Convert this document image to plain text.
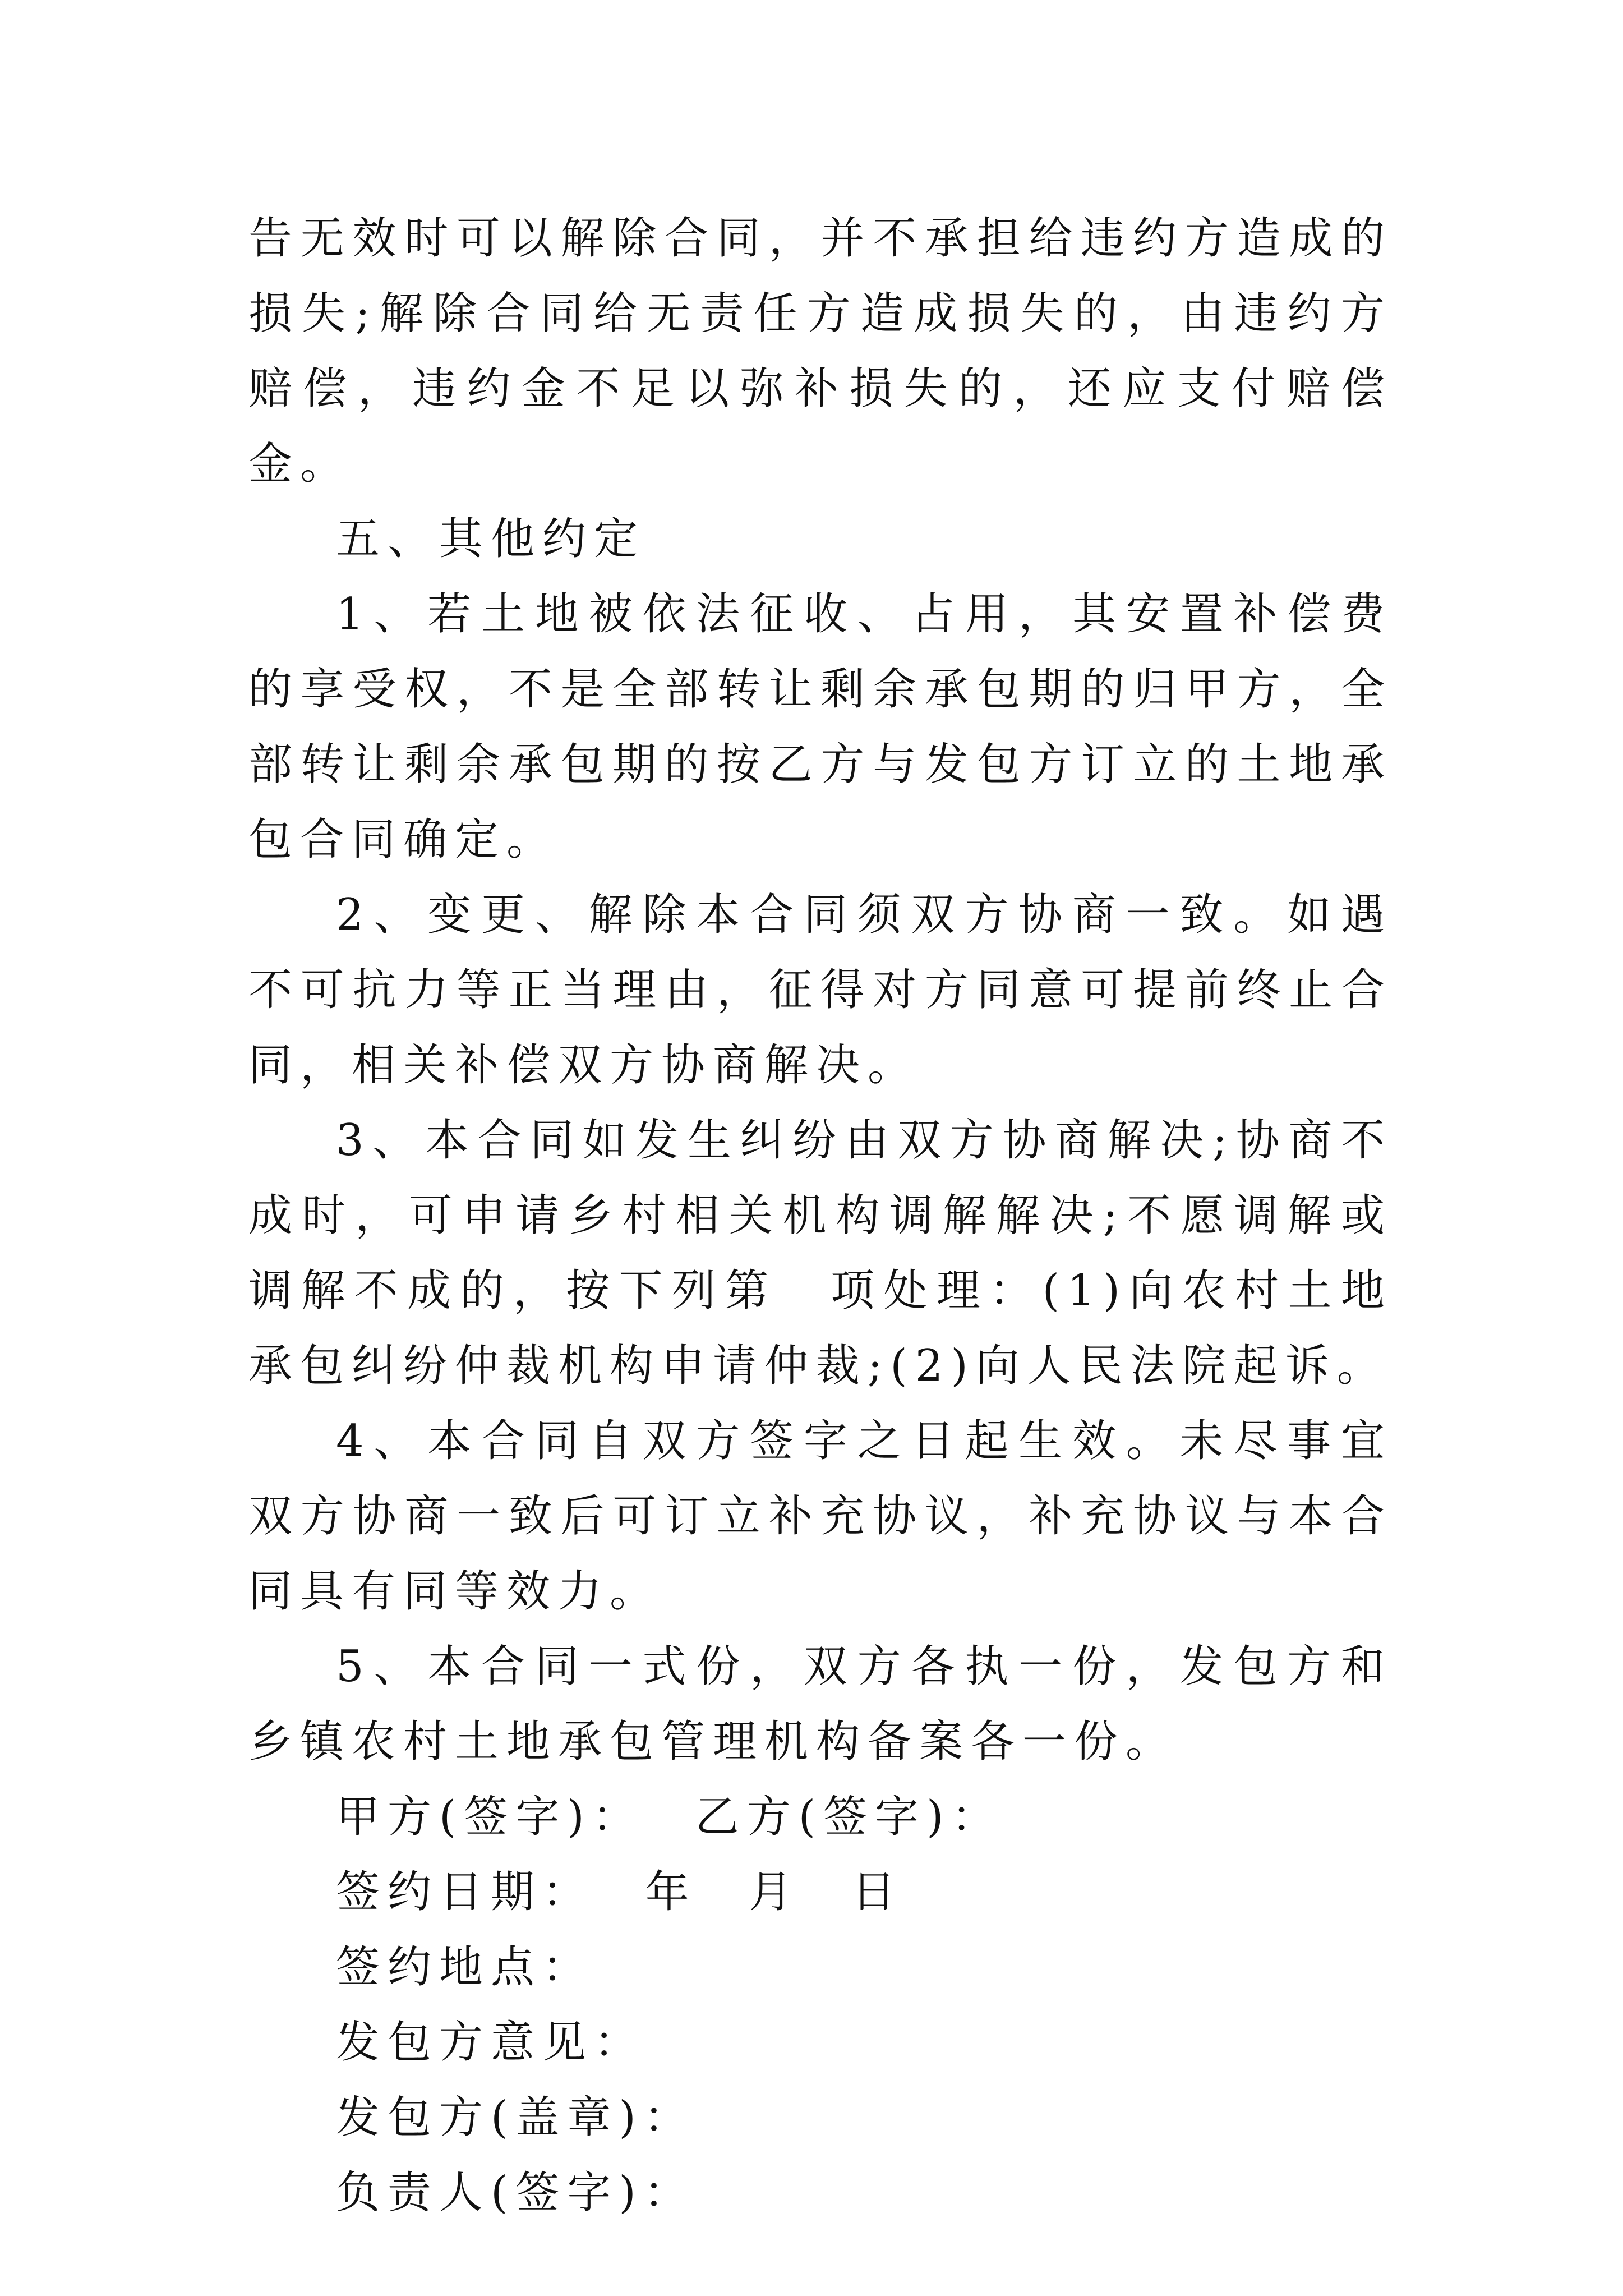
告无效时可以解除合同，并不承担给违约方造成的损失;解除合同给无责任方造成损失的，由违约方赔偿，违约金不足以弥补损失的，还应支付赔偿金。

五、其他约定

1、若土地被依法征收、占用，其安置补偿费的享受权，不是全部转让剩余承包期的归甲方，全部转让剩余承包期的按乙方与发包方订立的土地承包合同确定。

2、变更、解除本合同须双方协商一致。如遇不可抗力等正当理由，征得对方同意可提前终止合同，相关补偿双方协商解决。

3、本合同如发生纠纷由双方协商解决;协商不成时，可申请乡村相关机构调解解决;不愿调解或调解不成的，按下列第　项处理：(1)向农村土地承包纠纷仲裁机构申请仲裁;(2)向人民法院起诉。

4、本合同自双方签字之日起生效。未尽事宜双方协商一致后可订立补充协议，补充协议与本合同具有同等效力。

5、本合同一式份，双方各执一份，发包方和乡镇农村土地承包管理机构备案各一份。

甲方(签字)：　 乙方(签字)：
签约日期：　 年　月　日
签约地点：
发包方意见：
发包方(盖章)：
负责人(签字)：
